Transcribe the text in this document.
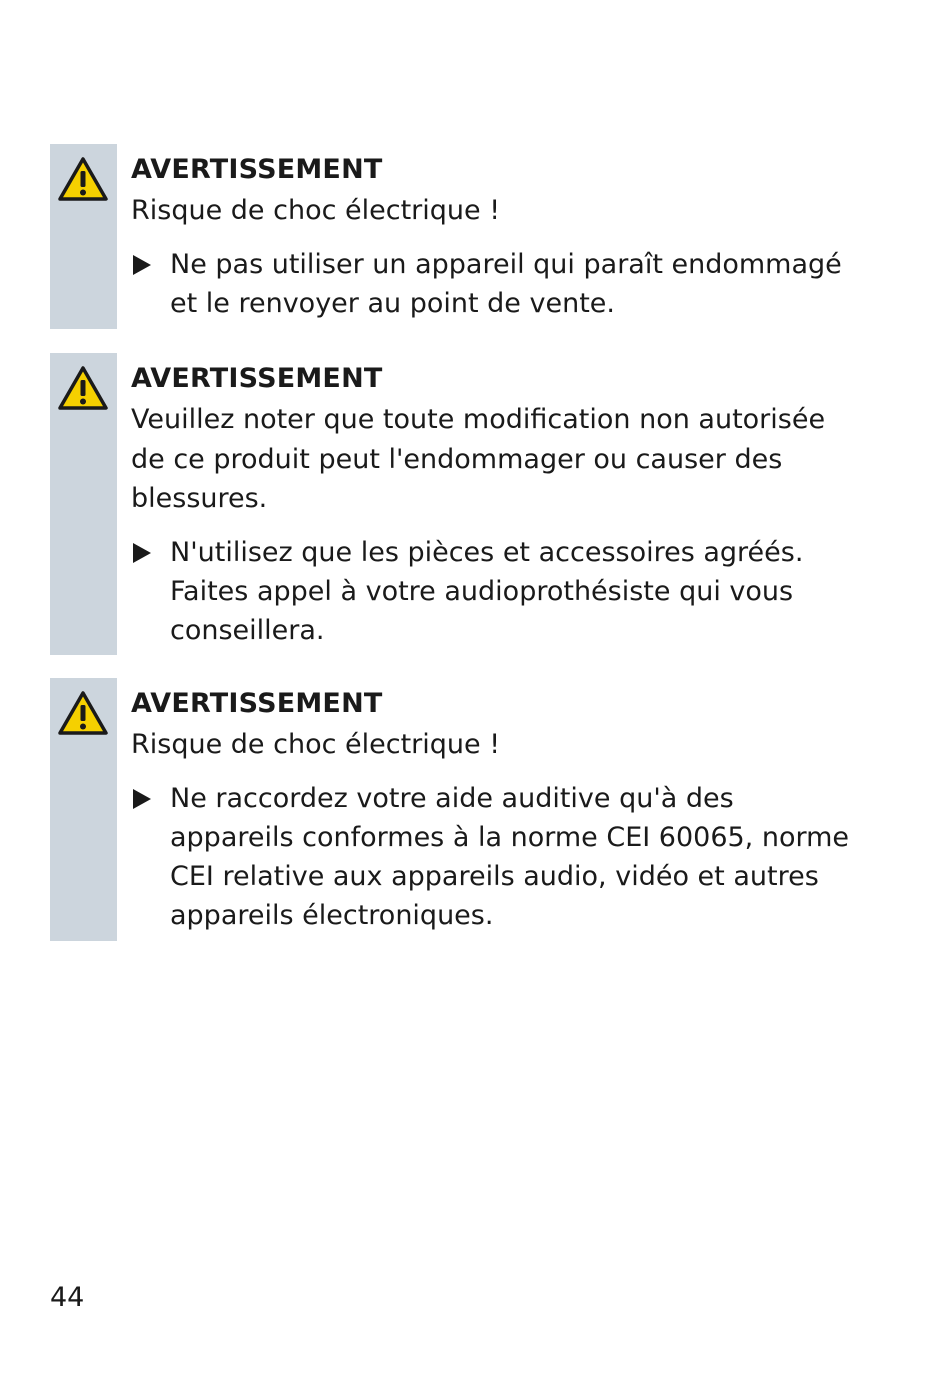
AVERTISSEMENT
Risque de choc électrique !
Ne pas utiliser un appareil qui paraît endommagé et le renvoyer au point de vente.
AVERTISSEMENT
Veuillez noter que toute modification non autorisée de ce produit peut l'endommager ou causer des blessures.
N'utilisez que les pièces et accessoires agréés. Faites appel à votre audioprothésiste qui vous conseillera.
AVERTISSEMENT
Risque de choc électrique !
Ne raccordez votre aide auditive qu'à des appareils conformes à la norme CEI 60065, norme CEI relative aux appareils audio, vidéo et autres appareils électroniques.
44
